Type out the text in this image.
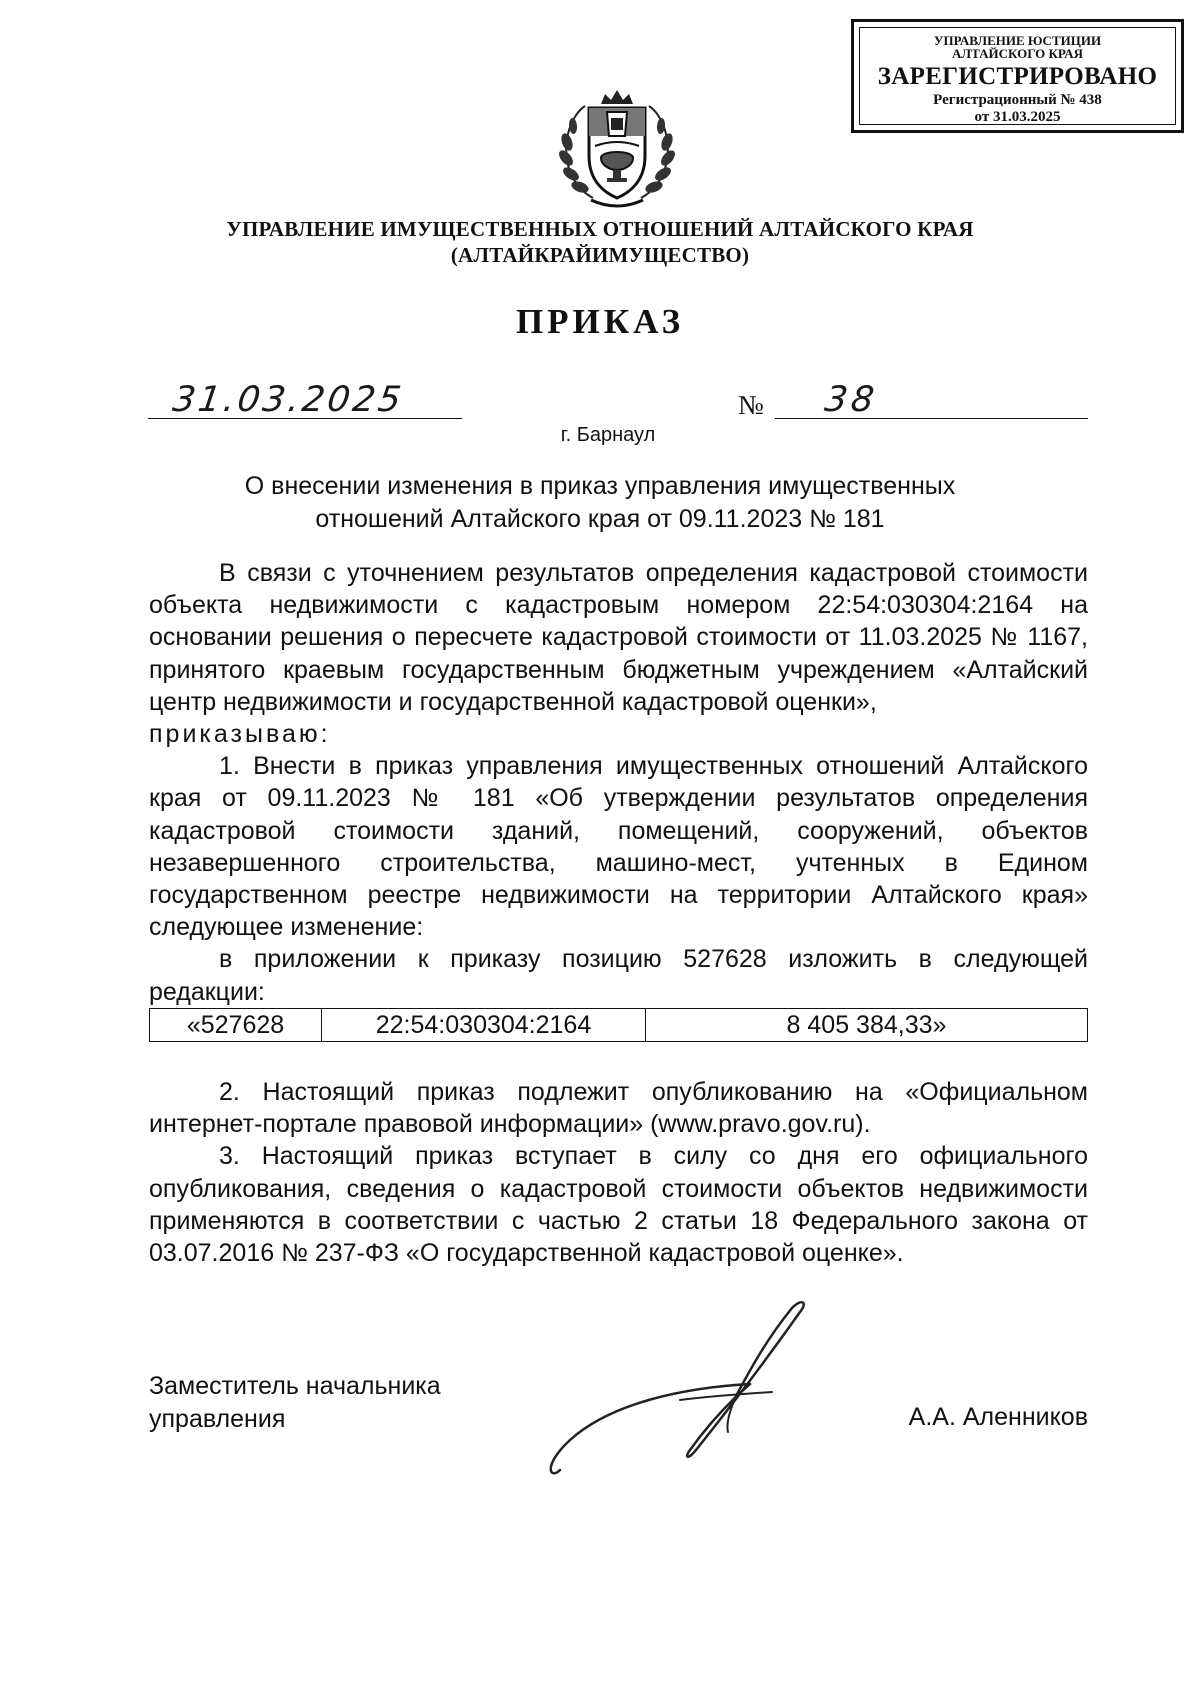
УПРАВЛЕНИЕ ЮСТИЦИИ
АЛТАЙСКОГО КРАЯ
ЗАРЕГИСТРИРОВАНО
Регистрационный № 438
от 31.03.2025
УПРАВЛЕНИЕ ИМУЩЕСТВЕННЫХ ОТНОШЕНИЙ АЛТАЙСКОГО КРАЯ
(АЛТАЙКРАЙИМУЩЕСТВО)
ПРИКАЗ
31.03.2025	№ 38
г. Барнаул
О внесении изменения в приказ управления имущественных
отношений Алтайского края от 09.11.2023 № 181

В связи с уточнением результатов определения кадастровой стоимости объекта недвижимости с кадастровым номером 22:54:030304:2164 на основании решения о пересчете кадастровой стоимости от 11.03.2025 № 1167, принятого краевым государственным бюджетным учреждением «Алтайский центр недвижимости и государственной кадастровой оценки»,

приказываю:

1. Внести в приказ управления имущественных отношений Алтайского края от 09.11.2023 № 181 «Об утверждении результатов определения кадастровой стоимости зданий, помещений, сооружений, объектов незавершенного строительства, машино-мест, учтенных в Едином государственном реестре недвижимости на территории Алтайского края» следующее изменение:

в приложении к приказу позицию 527628 изложить в следующей

редакции:
«527628	22:54:030304:2164	8 405 384,33»

2. Настоящий приказ подлежит опубликованию на «Официальном интернет-портале правовой информации» (www.pravo.gov.ru).

3. Настоящий приказ вступает в силу со дня его официального опубликования, сведения о кадастровой стоимости объектов недвижимости применяются в соответствии с частью 2 статьи 18 Федерального закона от 03.07.2016 № 237-ФЗ «О государственной кадастровой оценке».

Заместитель начальника
управления	А.А. Аленников
